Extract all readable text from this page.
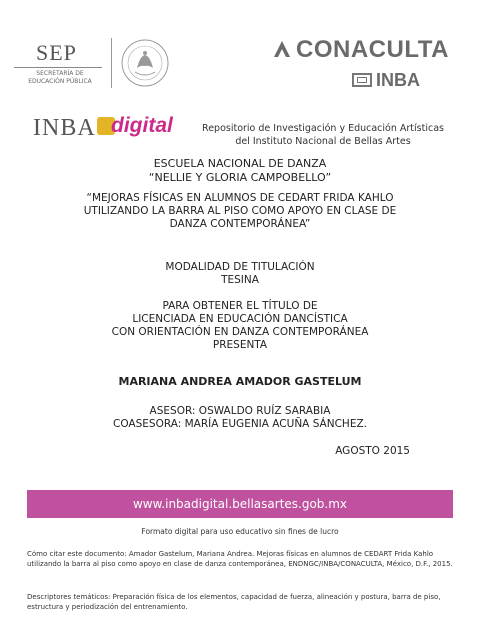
SEP
SECRETARÍA DE
EDUCACIÓN PÚBLICA
CONACULTA
INBA
INBA digital	Repositorio de Investigación y Educación Artísticas
del Instituto Nacional de Bellas Artes
ESCUELA NACIONAL DE DANZA
“NELLIE Y GLORIA CAMPOBELLO”
“MEJORAS FÍSICAS EN ALUMNOS DE CEDART FRIDA KAHLO
UTILIZANDO LA BARRA AL PISO COMO APOYO EN CLASE DE
DANZA CONTEMPORÁNEA”
MODALIDAD DE TITULACIÓN
TESINA
PARA OBTENER EL TÍTULO DE
LICENCIADA EN EDUCACIÓN DANCÍSTICA
CON ORIENTACIÓN EN DANZA CONTEMPORÁNEA
PRESENTA
MARIANA ANDREA AMADOR GASTELUM
ASESOR: OSWALDO RUÍZ SARABIA
COASESORA: MARÍA EUGENIA ACUÑA SÁNCHEZ.
AGOSTO 2015
www.inbadigital.bellasartes.gob.mx
Formato digital para uso educativo sin fines de lucro
Cómo citar este documento: Amador Gastelum, Mariana Andrea. Mejoras físicas en alumnos de CEDART Frida Kahlo utilizando la barra al piso como apoyo en clase de danza contemporánea, ENDNGC/INBA/CONACULTA, México, D.F., 2015.
Descriptores temáticos: Preparación física de los elementos, capacidad de fuerza, alineación y postura, barra de piso, estructura y periodización del entrenamiento.
